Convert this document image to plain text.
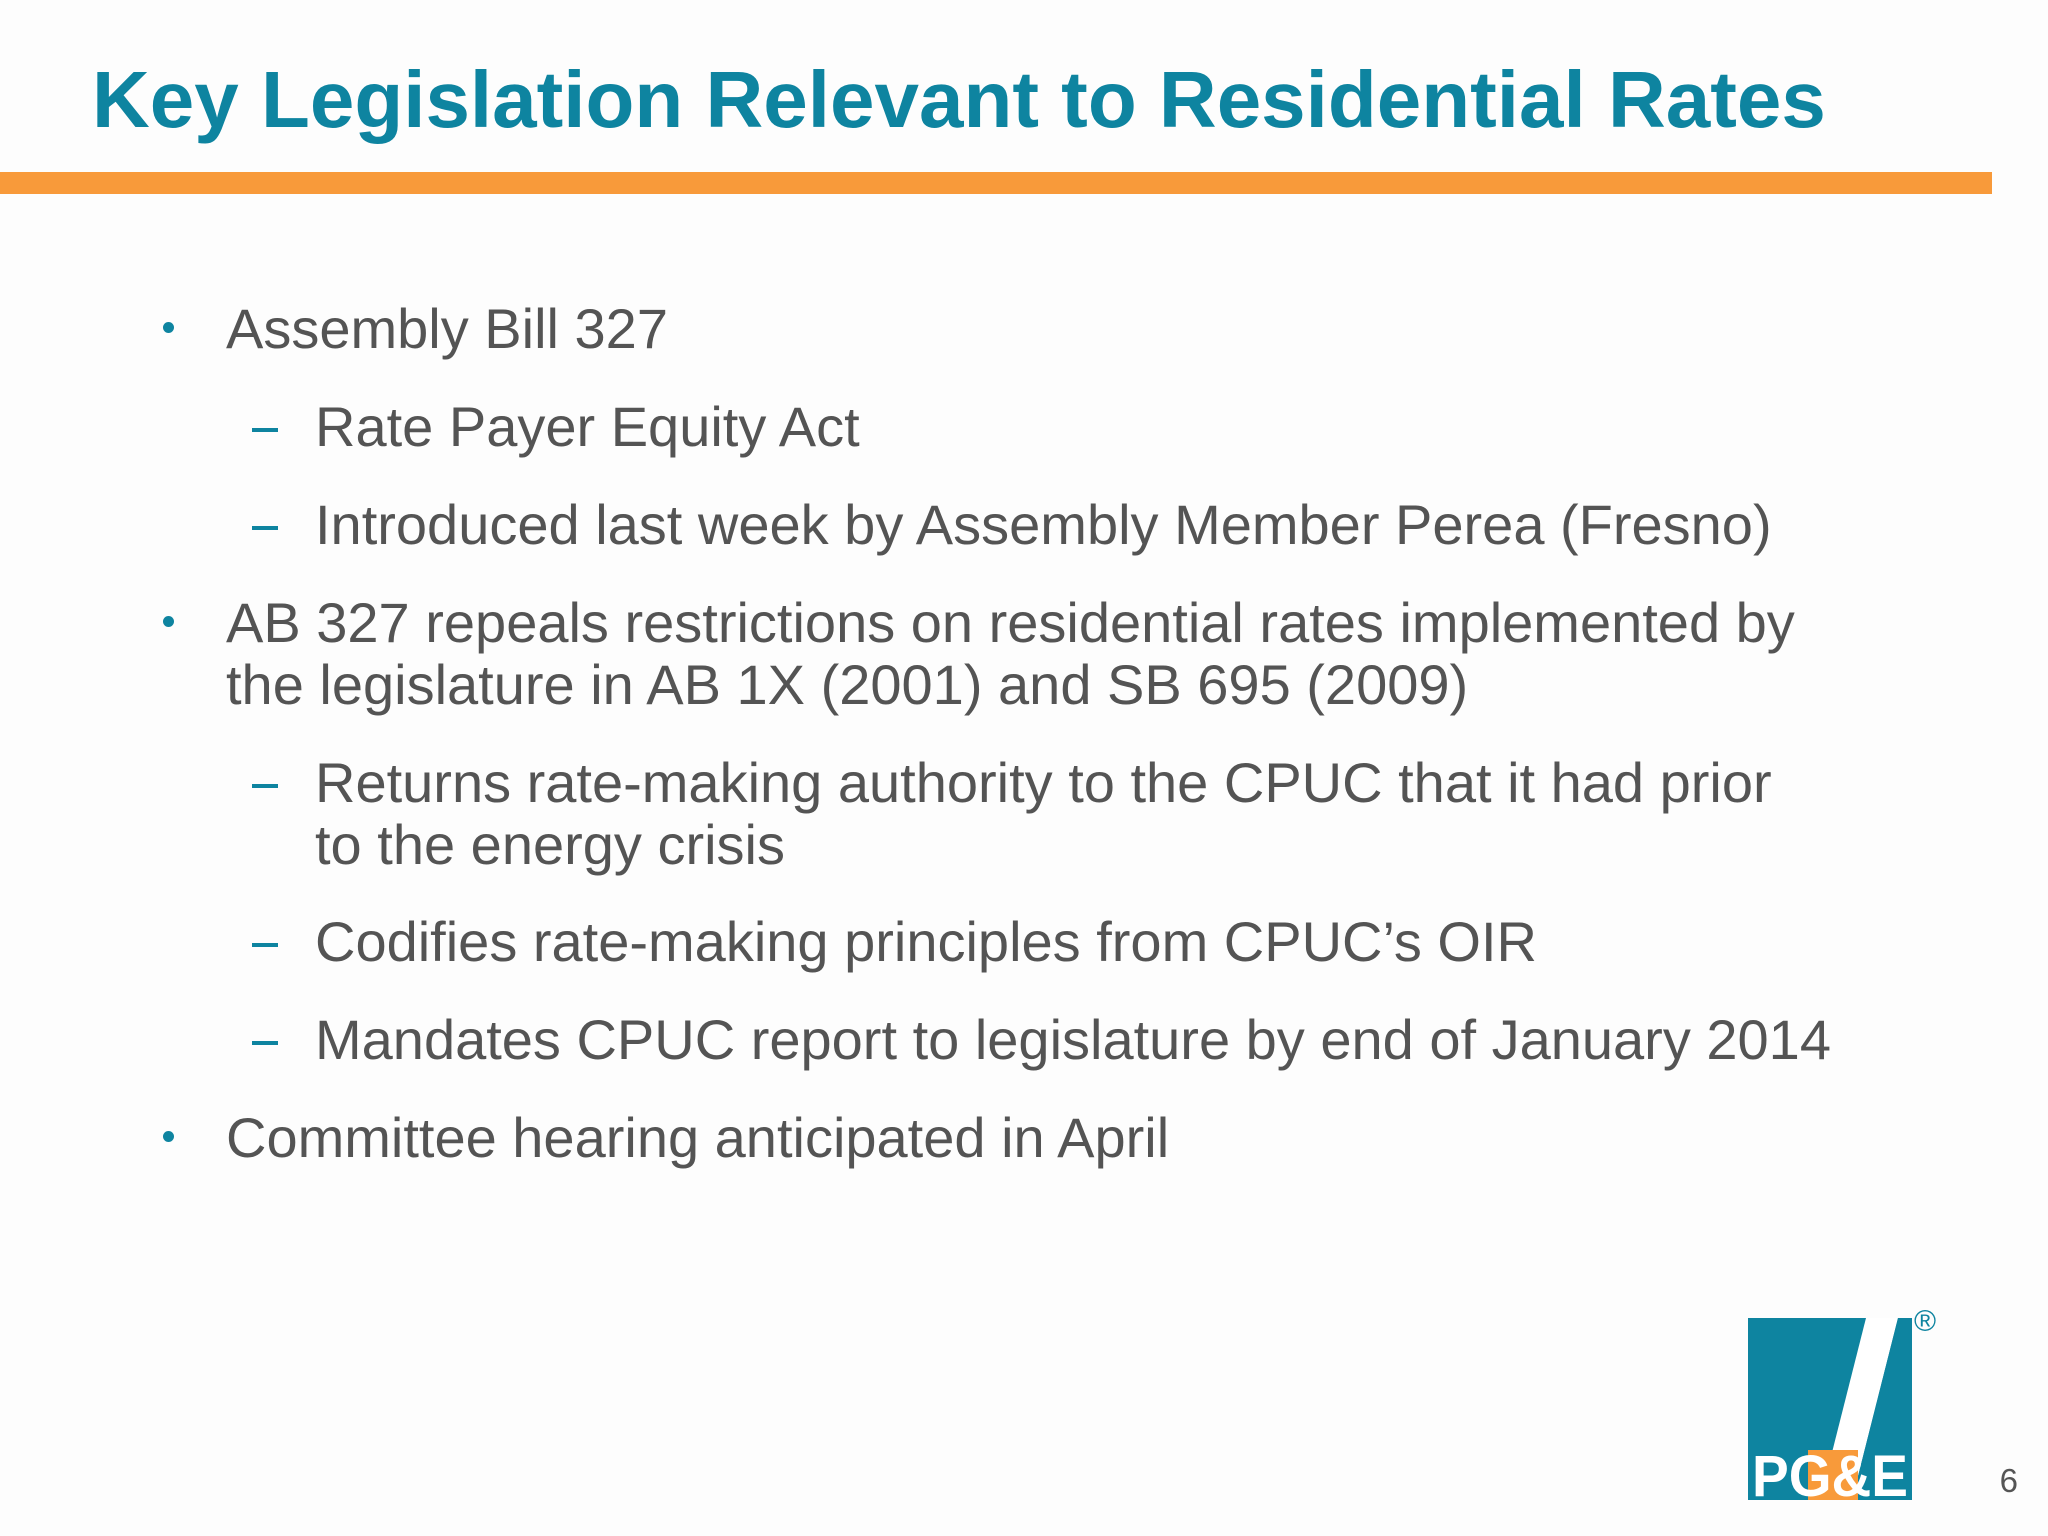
Key Legislation Relevant to Residential Rates
Assembly Bill 327
Rate Payer Equity Act
Introduced last week by Assembly Member Perea (Fresno)
AB 327 repeals restrictions on residential rates implemented by
the legislature in AB 1X (2001) and SB 695 (2009)
Returns rate-making authority to the CPUC that it had prior
to the energy crisis
Codifies rate-making principles from CPUC’s OIR
Mandates CPUC report to legislature by end of January 2014
Committee hearing anticipated in April
PG&E
®
6
